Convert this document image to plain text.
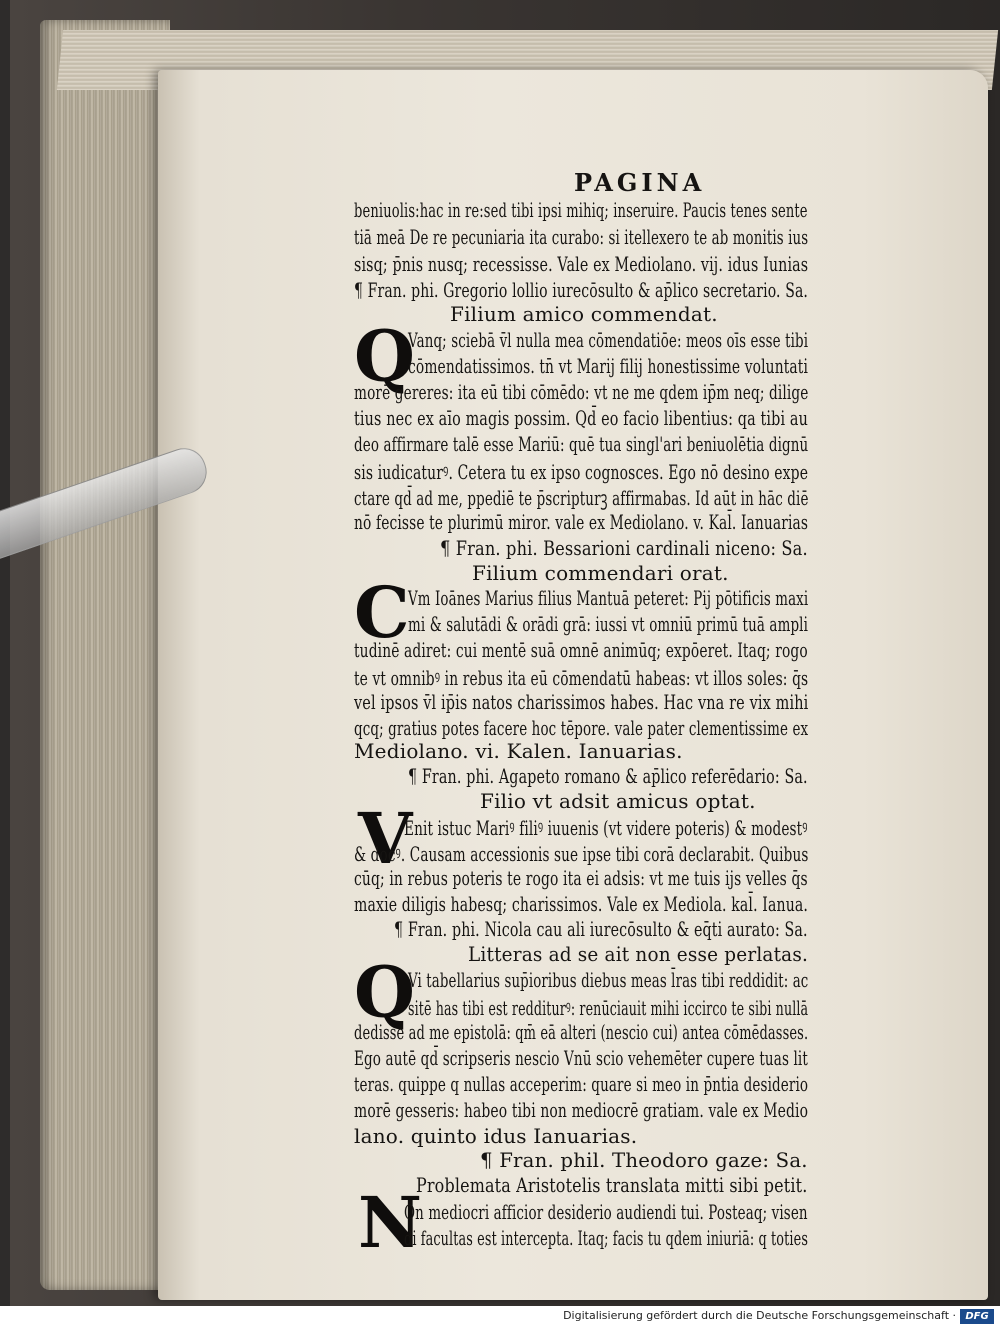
PAGINA
beniuolis:hac in re:sed tibi ipsi mihiq; inseruire. Paucis tenes sente
tiā meā De re pecuniaria ita curabo: si itellexero te ab monitis ius
sisq; p̄nis nusq; recessisse. Vale ex Mediolano. vij. idus Iunias
¶ Fran. phi. Gregorio lollio iurecōsulto & ap̄lico secretario. Sa.
Filium amico commendat.
Q
Vanq; sciebā v̄l nulla mea cōmendatiōe: meos oīs esse tibi
cōmendatissimos. tn̄ vt Marij filij honestissime voluntati
morē gereres: ita eū tibi cōmēdo: vt ne me qdem ip̄m neq; dilige
tius nec ex aīo magis possim. Qd̄ eo facio libentius: qa tibi au
deo affirmare talē esse Mariū: quē tua singl'ari beniuolētia dignū
sis iudicaturꝰ. Cetera tu ex ipso cognosces. Ego nō desino expe
ctare qd̄ ad me, ppediē te p̄scripturꝫ affirmabas. Id aūt in hāc diē
nō fecisse te plurimū miror. vale ex Mediolano. v. Kal̄. Ianuarias
¶ Fran. phi. Bessarioni cardinali niceno: Sa.
Filium commendari orat.
C
Vm Ioānes Marius filius Mantuā peteret: Pij pōtificis maxi
mi & salutādi & orādi grā: iussi vt omniū primū tuā ampli
tudinē adiret: cui mentē suā omnē animūq; expōeret. Itaq; rogo
te vt omnibꝰ in rebus ita eū cōmendatū habeas: vt illos soles: q̄s
vel ipsos v̄l ip̄is natos charissimos habes. Hac vna re vix mihi
qcq; gratius potes facere hoc tēpore. vale pater clementissime ex
Mediolano. vi. Kalen. Ianuarias.
¶ Fran. phi. Agapeto romano & ap̄lico referēdario: Sa.
Filio vt adsit amicus optat.
V
Enit istuc Mariꝰ filiꝰ iuuenis (vt videre poteris) & modestꝰ
& docꝰ. Causam accessionis sue ipse tibi corā declarabit. Quibus
cūq; in rebus poteris te rogo ita ei adsis: vt me tuis ijs velles q̄s
maxie diligis habesq; charissimos. Vale ex Mediola. kal̄. Ianua.
¶ Fran. phi. Nicola cau ali iurecōsulto & eq̄ti aurato: Sa.
Litteras ad se ait non esse perlatas.
Q
Vi tabellarius sup̄ioribus diebus meas l̄ras tibi reddidit: ac
sitē has tibi est redditurꝰ: renūciauit mihi iccirco te sibi nullā
dedisse ad me epistolā: qm̄ eā alteri (nescio cui) antea cōmēdasses.
Ego autē qd̄ scripseris nescio Vnū scio vehemēter cupere tuas lit
teras. quippe q nullas acceperim: quare si meo in p̄ntia desiderio
morē gesseris: habeo tibi non mediocrē gratiam. vale ex Medio
lano. quinto idus Ianuarias.
¶ Fran. phil. Theodoro gaze: Sa.
Problemata Aristotelis translata mitti sibi petit.
N
On mediocri afficior desiderio audiendi tui. Posteaq; visen
di facultas est intercepta. Itaq; facis tu qdem iniuriā: q toties
Digitalisierung gefördert durch die Deutsche Forschungsgemeinschaft · DFG
